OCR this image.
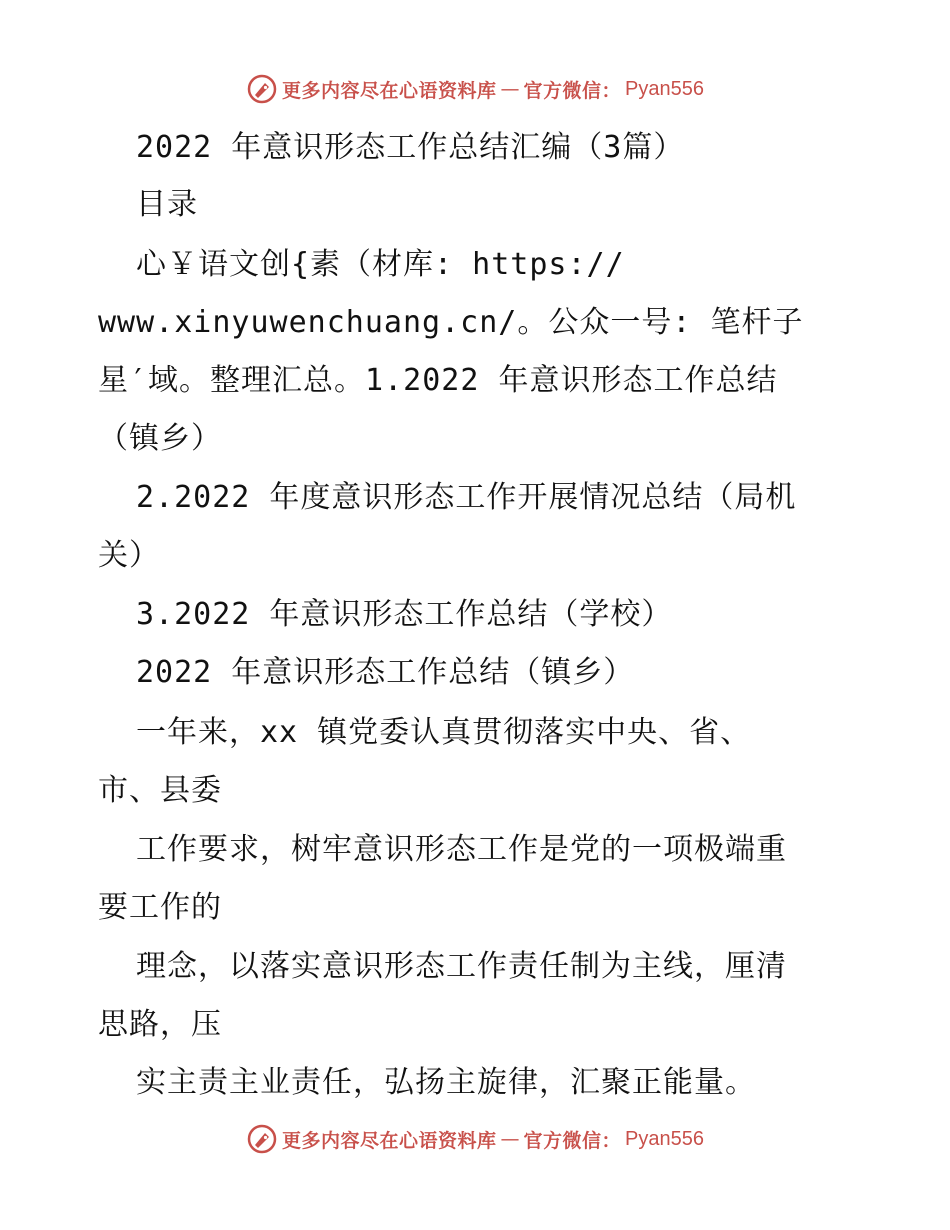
更多内容尽在心语资料库 — 官方微信： Pyan556
2022 年意识形态工作总结汇编（3篇）
目录
心￥语文创{素（材库: https://
www.xinyuwenchuang.cn/。公众一号: 笔杆子
星′域。整理汇总。1.2022 年意识形态工作总结
（镇乡）
2.2022 年度意识形态工作开展情况总结（局机
关）
3.2022 年意识形态工作总结（学校）
2022 年意识形态工作总结（镇乡）
一年来，xx 镇党委认真贯彻落实中央、省、
市、县委
工作要求，树牢意识形态工作是党的一项极端重
要工作的
理念，以落实意识形态工作责任制为主线，厘清
思路，压
实主责主业责任，弘扬主旋律，汇聚正能量。
更多内容尽在心语资料库 — 官方微信： Pyan556
